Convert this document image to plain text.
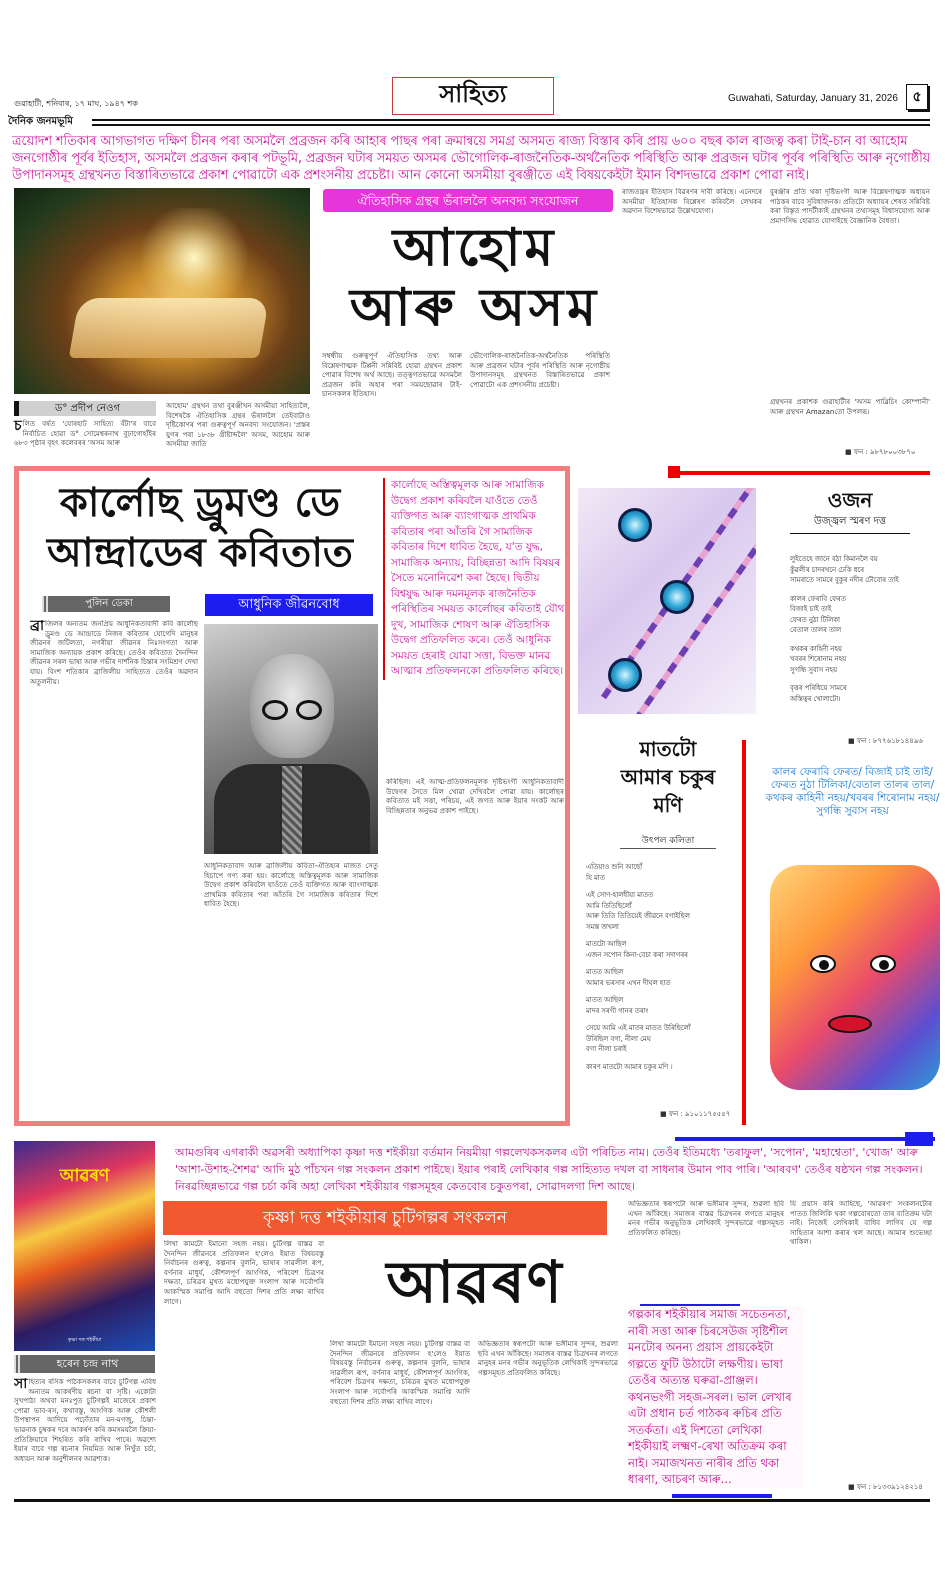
গুৱাহাটী, শনিবাৰ, ১৭ মাঘ, ১৯৪৭ শক	সাহিত্য	Guwahati, Saturday, January 31, 2026	৫
দৈনিক জনমভূমি
ত্ৰয়োদশ শতিকাৰ আগভাগত দক্ষিণ চীনৰ পৰা অসমলৈ প্ৰব্ৰজন কৰি আহাৰ পাছৰ পৰা ক্ৰমান্বয়ে সমগ্ৰ অসমত ৰাজ্য বিস্তাৰ কৰি প্ৰায় ৬০০ বছৰ কাল ৰাজত্ব কৰা টাই-চান বা আহোম জনগোষ্ঠীৰ পূৰ্বৰ ইতিহাস, অসমলৈ প্ৰব্ৰজন কৰাৰ পটভূমি, প্ৰব্ৰজন ঘটাৰ সময়ত অসমৰ ভৌগোলিক-ৰাজনৈতিক-অৰ্থনৈতিক পৰিস্থিতি আৰু প্ৰব্ৰজন ঘটাৰ পূৰ্বৰ পৰিস্থিতি আৰু নৃগোষ্ঠীয় উপাদানসমূহ গ্ৰন্থখনত বিস্তাৰিতভাৱে প্ৰকাশ পোৱাটো এক প্ৰশংসনীয় প্ৰচেষ্টা। আন কোনো অসমীয়া বুৰঞ্জীতে এই বিষয়কেইটা ইমান বিশদভাৱে প্ৰকাশ পোৱা নাই।
ড° প্ৰদীপ নেওগ
চলিত বৰ্ষত 'যোৰহাট সাহিত্য বঁটা'ৰ বাবে নিৰ্বাচিত হোৱা ড° সোমেশ্বৰনাথ বুঢ়াগোহাঁইৰ ৬৮৩ পৃষ্ঠাৰ বৃহৎ কলেবৰৰ 'অসম আৰু
আহোম' গ্ৰন্থখন তথা বুৰঞ্জীখন অসমীয়া সাহিত্যলৈ, বিশেষকৈ ঐতিহাসিক গ্ৰন্থৰ ভঁৰাললৈ তেইবাটাও দৃষ্টিকোণৰ পৰা গুৰুত্বপূৰ্ণ অনবদ্য সংযোজন। 'প্ৰস্তৰ যুগৰ পৰা ১৮৩৮ খ্ৰীষ্টাব্দলৈ' অসম, আহোম আৰু অসমীয়া জাতি
ঐতিহাসিক গ্ৰন্থৰ ভঁৰাললৈ অনবদ্য সংযোজন
আহোম
আৰু অসম
সম্বন্ধীয় গুৰুত্বপূৰ্ণ ঐতিহাসিক তথ্য আৰু বিশ্লেষণাত্মক টিপ্পনী সন্নিবিষ্ট হোৱা গ্ৰন্থখন প্ৰকাশ পোৱাৰ বিশেষ অৰ্থ আছে। তত্ত্বগতভাৱে অসমলৈ প্ৰব্ৰজন কৰি অহাৰ পৰা সময়ছোৱাৰ টাই-চানসকলৰ ইতিহাস।
ভৌগোলিক-ৰাজনৈতিক-অৰ্থনৈতিক পৰিস্থিতি আৰু প্ৰব্ৰজন ঘটাৰ পূৰ্বৰ পৰিস্থিতি আৰু নৃগোষ্ঠীয় উপাদানসমূহ গ্ৰন্থখনত বিস্তাৰিতভাৱে প্ৰকাশ পোৱাটো এক প্ৰশংসনীয় প্ৰচেষ্টা।
ৰাজতন্ত্ৰৰ ইতিহাস বিৱৰণৰ দাবী কৰিছে। এনেদৰে অসমীয়া ইতিহাসক বিশ্লেষণ কৰিবলৈ লেখকৰ অৱদান বিশেষভাৱে উল্লেখযোগ্য।
বুৰঞ্জীৰ প্ৰতি থকা দৃষ্টিভংগী আৰু বিশ্লেষণাত্মক অধ্যয়ন পাঠকৰ বাবে সুবিধাজনক। প্ৰতিটো অধ্যায়ৰ শেষত সন্নিবিষ্ট কৰা বিস্তৃত পাদটীকাই গ্ৰন্থখনৰ তথ্যসমূহ বিশ্বাসযোগ্য আৰু প্ৰমাণসিদ্ধ হোৱাত যোগাইছে বৈজ্ঞানিক বৈধতা।
গ্ৰন্থখনৰ প্ৰকাশক গুৱাহাটীৰ 'অসম পাব্লিচিং কোম্পানী' আৰু গ্ৰন্থখন Amazanতো উপলব্ধ।
■ ফন : ৯৮৭৮০০৩৮৭০
কাৰ্লোছ ড্ৰুমণ্ড ডে
আন্দ্ৰাডেৰ কবিতাত
পুলিন ডেকা	আধুনিক জীৱনবোধ
কাৰ্লোছে অস্তিত্বমূলক আৰু সামাজিক উদ্বেগ প্ৰকাশ কৰিবলৈ যাওঁতে তেওঁ ব্যক্তিগত আৰু ব্যাংগাত্মক প্ৰাথমিক কবিতাৰ পৰা আঁতৰি গৈ সামাজিক কবিতাৰ দিশে ধাবিত হৈছে, য'ত যুদ্ধ, সামাজিক অন্যায়, বিচ্ছিন্নতা আদি বিষয়ৰ সৈতে মনোনিৱেশ কৰা হৈছে। দ্বিতীয় বিশ্বযুদ্ধ আৰু দমনমূলক ৰাজনৈতিক পৰিস্থিতিৰ সময়ত কাৰ্লোছৰ কবিতাই যৌথ দুখ, সামাজিক শোষণ আৰু ঐতিহাসিক উদ্বেগ প্ৰতিফলিত কৰে। তেওঁ আধুনিক সময়ত হেৰাই যোৱা সত্তা, বিভক্ত মানৱ আত্মাৰ প্ৰতিফলনকো প্ৰতিফলিত কৰিছে।
ব্ৰা জিলৰ অন্যতম জনপ্ৰিয় আধুনিকতাবাদী কবি কাৰ্লোছ ড্ৰুমণ্ড ডে আন্দ্ৰাডে নিজৰ কবিতাৰ যোগেদি মানুহৰ জীৱনৰ জটিলতা, নগৰীয়া জীৱনৰ নিঃসংগতা আৰু সামাজিক অন্যায়ক প্ৰকাশ কৰিছে। তেওঁৰ কবিতাত দৈনন্দিন জীৱনৰ সৰল ভাষা আৰু গভীৰ দাৰ্শনিক চিন্তাৰ সংমিশ্ৰণ দেখা যায়। বিংশ শতিকাৰ ব্ৰাজিলীয় সাহিত্যত তেওঁৰ অৱদান অতুলনীয়।
আধুনিকতাবাদ আৰু ব্ৰাজিলীয় কবিতা-ঐতিহ্যৰ মাজত সেতু হিচাপে গণ্য কৰা হয়। কাৰ্লোছে অস্তিত্বমূলক আৰু সামাজিক উদ্বেগ প্ৰকাশ কৰিবলৈ যাওঁতে তেওঁ ব্যক্তিগত আৰু ব্যাংগাত্মক প্ৰাথমিক কবিতাৰ পৰা আঁতৰি গৈ সামাজিক কবিতাৰ দিশে ধাবিত হৈছে।
কৰিছিল। এই আত্ম-প্ৰতিফলনমূলক দৃষ্টিভংগী আধুনিকতাবাদী উদ্বেগৰ সৈতে মিল খোৱা দেখিবলৈ পোৱা যায়। কাৰ্লোছৰ কবিতাত মই সত্তা, পৰিচয়, এই জগত আৰু ইয়াৰ সংকট আৰু বিচ্ছিন্নতাৰ অনুভৱ প্ৰকাশ পাইছে।
ওজন
উজ্জ্বল স্মৰণ দত্ত
লুইতেহে জানে বঠা কিমানলৈ বয়
কুঁৱলীৰ চাদৰখনে ঢেকি ধৰে
সামৰাতে সামৰে বুকুৰ নদীৰ ঢৌবোৰ তাই
কালৰ ফেৰাবি ফেৰত
বিজাই চাই তাই
ফেৰত নুঠা টিলিকা
বেতাল তালৰ তাল
কথকৰ কাহিনী নহয়
খবৰৰ শিৰোনাম নহয়
সুগন্ধি সুবাস নহয়
বৃত্তৰ পৰিধিয়ে সামৰে
অস্তিত্বৰ খোলাটো।
■ ফন : ৮৭৭৬১৮১৪৪৯৬
মাতটো
আমাৰ চকুৰ
মণি
উৎপল কলিতা
এতিয়াও শুনি আছোঁ
যি মাত
এই সোণ-হালধীয়া মাতত
আমি তিতিছিলোঁ
আৰু তিতি তিতিয়েই জীৱনে বগাইছিল
সমস্ত জখলা
মাতটো আছিল
এজন সপোন কিনা-বেচা কৰা সদাগৰৰ
মাতত আছিল
আমাৰ ভৰসাৰ এখন দীঘল হাত
মাতত আছিল
মাদৰ সৰগী গানৰ তৰাং
সেয়ে আমি এই মাতৰ মাতত উৰিছিলোঁ
উৰিছিল বগা, নীলা মেঘ
বগা নীলা চৰাই
কাৰণ মাতটো আমাৰ চকুৰ মণি ।
■ ফন : ৯১০১১৭৫৫৫৭
কালৰ ফেৰাবি ফেৰত/ বিজাই চাই তাই/ফেৰত নুঠা টিলিকা/বেতাল তালৰ তাল/কথকৰ কাহিনী নহয়/খবৰৰ শিৰোনাম নহয়/সুগন্ধি সুবাস নহয়
আৱৰণ
কৃষ্ণা দত্ত শইকীয়া
আমগুৰিৰ এগৰাকী অৱসৰী অধ্যাপিকা কৃষ্ণা দত্ত শইকীয়া বৰ্তমান নিয়মীয়া গল্পলেখকসকলৰ এটা পৰিচিত নাম। তেওঁৰ ইতিমধ্যে 'তৰাফুল', 'সপোন', 'মহাশ্বেতা', 'খোজ' আৰু 'আশা-উশাহ-শৈশৱ' আদি মুঠ পাঁচখন গল্প সংকলন প্ৰকাশ পাইছে। ইয়াৰ পৰাই লেখিকাৰ গল্প সাহিত্যত দখল বা সাধনাৰ উমান পাব পাৰি। 'আৰবণ' তেওঁৰ ষষ্ঠখন গল্প সংকলন। নিৰৱচ্ছিন্নভাৱে গল্প চৰ্চা কৰি অহা লেখিকা শইকীয়াৰ গল্পসমূহৰ কেতবোৰ চকুতপৰা, সোৱাদলগা দিশ আছে।
কৃষ্ণা দত্ত শইকীয়াৰ চুটিগল্পৰ সংকলন
আৱৰণ
হৰেন চন্দ্ৰ নাথ
সাহিত্যৰ ৰসিক পাঠকসকলৰ বাবে চুটিগল্প এবিধ অন্যতম আকৰ্ষণীয় ৰচনা বা সৃষ্টি। একোটা সুখপাঠ্য অথবা মনঃপুত চুটিগল্পই মাজেৰে প্ৰকাশ পোৱা ভাব-ৰস, কথাবস্তু, আংগিক আৰু কৌশলী উপস্থাপন আদিয়ে পঢ়োঁতাৰ মন-মগজু, চিন্তা-ভাৱনাক চুম্বকৰ দৰে আকৰ্ষণ কৰি কমসময়লৈ ক্ৰিয়া-প্ৰতিক্ৰিয়াৰে শিহৰিত কৰি ৰাখিব পাৰে। অৱশ্যে ইয়াৰ বাবে গল্প ৰচনাৰ নিয়মিত আৰু নিখুঁত চৰ্চা, অধ্যয়ন আৰু অনুশীলনৰ আৱশ্যক।
লিখা কামটো ইমানো সহজ নহয়। চুটিগল্প বাস্তৱ বা দৈনন্দিন জীৱনৰে প্ৰতিফলন হ'লেও ইয়াত বিষয়বস্তু নিৰ্বাচনৰ গুৰুত্ব, কল্পনাৰ বুলনি, ভাষাৰ সাৱলীল ৰূপ, বৰ্ণনাৰ মাধুৰ্য, কৌশলপূৰ্ণ আংগিক, পৰিবেশ চিত্ৰণৰ দক্ষতা, চৰিত্ৰৰ মুখত মধোপযুক্ত সংলাপ আৰু সৰ্বোপৰি আকস্মিক সমাপ্তি আদি বহুতো দিশৰ প্ৰতি লক্ষ্য ৰাখিব লাগে।
লিখা কামটো ইমানো সহজ নহয়। চুটিগল্প বাস্তৱ বা দৈনন্দিন জীৱনৰে প্ৰতিফলন হ'লেও ইয়াত বিষয়বস্তু নিৰ্বাচনৰ গুৰুত্ব, কল্পনাৰ বুলনি, ভাষাৰ সাৱলীল ৰূপ, বৰ্ণনাৰ মাধুৰ্য, কৌশলপূৰ্ণ আংগিক, পৰিবেশ চিত্ৰণৰ দক্ষতা, চৰিত্ৰৰ মুখত মধোপযুক্ত সংলাপ আৰু সৰ্বোপৰি আকস্মিক সমাপ্তি আদি বহুতো দিশৰ প্ৰতি লক্ষ্য ৰাখিব লাগে।
অভিজ্ঞতাৰ স্বৰূপটো আৰু ভঙ্গীমাৰ সুন্দৰ, শুৱলা ছবি এখন আঁকিছে। সমাজৰ বাস্তৱ চিত্ৰখনৰ লগতে মানুহৰ মনৰ গভীৰ অনুভূতিক লেখিকাই সুন্দৰভাৱে গল্পসমূহত প্ৰতিফলিত কৰিছে।
অভিজ্ঞতাৰ স্বৰূপটো আৰু ভঙ্গীমাৰ সুন্দৰ, শুৱলা ছবি এখন আঁকিছে। সমাজৰ বাস্তৱ চিত্ৰখনৰ লগতে মানুহৰ মনৰ গভীৰ অনুভূতিক লেখিকাই সুন্দৰভাৱে গল্পসমূহত প্ৰতিফলিত কৰিছে।
যি প্ৰয়াস কৰি আহিছে, 'আৱৰণ' সংকলনটোৰ পাতত জিলিকি থকা গল্পবোৰতো তাৰ ব্যতিক্ৰম ঘটা নাই। নিজেই লেখিকাই বাধিব লাগিব যে গল্প সাহিত্যৰ আশা কৰাৰ থল আছে। আমাৰ শুভেচ্ছা থাকিল।
গল্পকাৰ শইকীয়াৰ সমাজ সচেতনতা, নাৰী সত্তা আৰু চিৰসেউজ সৃষ্টিশীল মনটোৰ অনন্য প্ৰয়াস প্ৰায়কেইটা গল্পতে ফুটি উঠাটো লক্ষণীয়। ভাষা তেওঁৰ অত্যন্ত ঘৰুৱা-প্ৰাঞ্জল। কথনভংগী সহজ-সৰল। ভাল লেখাৰ এটা প্ৰধান চৰ্ত পাঠকৰ ৰুচিৰ প্ৰতি সতৰ্কতা। এই দিশতো লেখিকা শইকীয়াই লক্ষ্মণ-ৰেখা অতিক্ৰম কৰা নাই। সমাজখনত নাৰীৰ প্ৰতি থকা ধাৰণা, আচৰণ আৰু...
■ ফন : ৮১৩৩৯১২৪২১৪
